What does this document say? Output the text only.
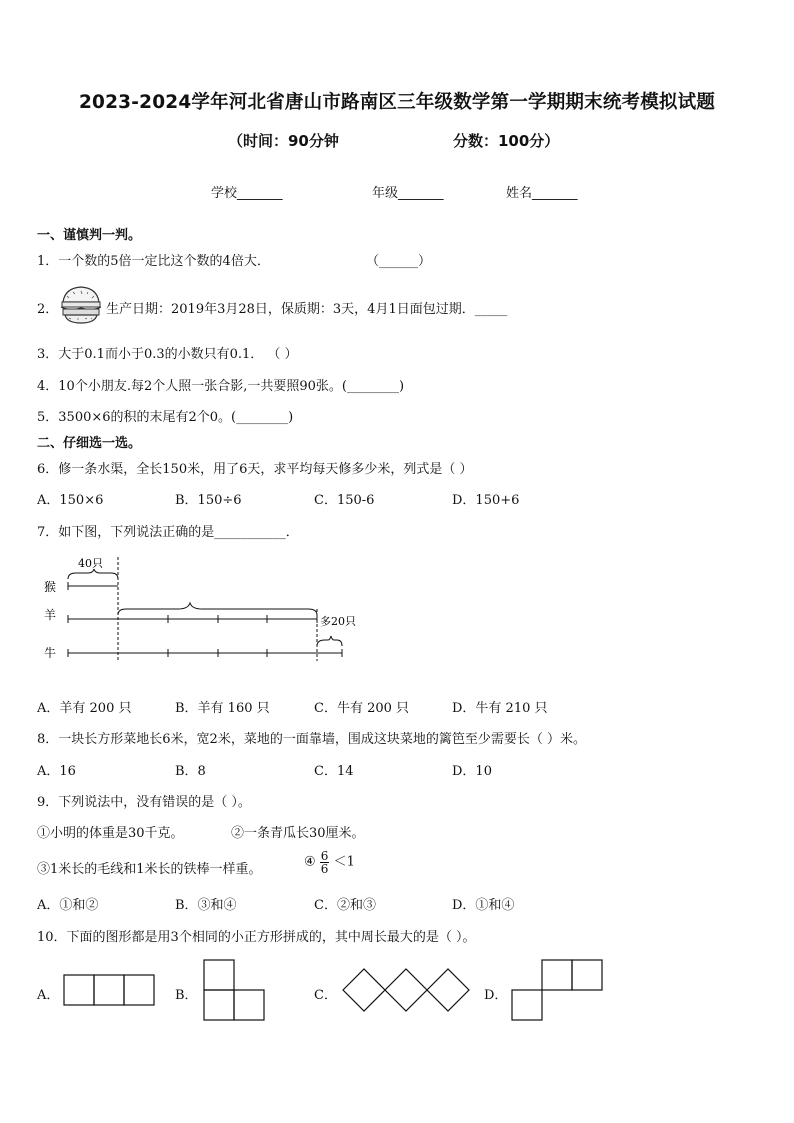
2023-2024学年河北省唐山市路南区三年级数学第一学期期末统考模拟试题
（时间：90分钟	分数：100分）
学校_______	年级_______	姓名_______
一、谨慎判一判。
1．一个数的5倍一定比这个数的4倍大．	（______）
2．	生产日期：2019年3月28日，保质期：3天，4月1日面包过期．_____
3．大于0.1而小于0.3的小数只有0.1． （ ）
4．10个小朋友.每2个人照一张合影,一共要照90张。(________)
5．3500×6的积的末尾有2个0。(________)
二、仔细选一选。
6．修一条水渠，全长150米，用了6天，求平均每天修多少米，列式是（ ）
A．150×6	B．150÷6	C．150-6	D．150+6
7．如下图，下列说法正确的是___________．
猴
羊
牛
40只
多20只
A．羊有 200 只	B．羊有 160 只	C．牛有 200 只	D．牛有 210 只
8．一块长方形菜地长6米，宽2米，菜地的一面靠墙，围成这块菜地的篱笆至少需要长（ ）米。
A．16	B．8	C．14	D．10
9．下列说法中，没有错误的是（ ）。
①小明的体重是30千克。	②一条青瓜长30厘米。
③1米长的毛线和1米长的铁棒一样重。	④ $\frac{6}{6} <1$
A．①和②	B．③和④	C．②和③	D．①和④
10．下面的图形都是用3个相同的小正方形拼成的，其中周长最大的是（ ）。
A．	B．	C．	D．
